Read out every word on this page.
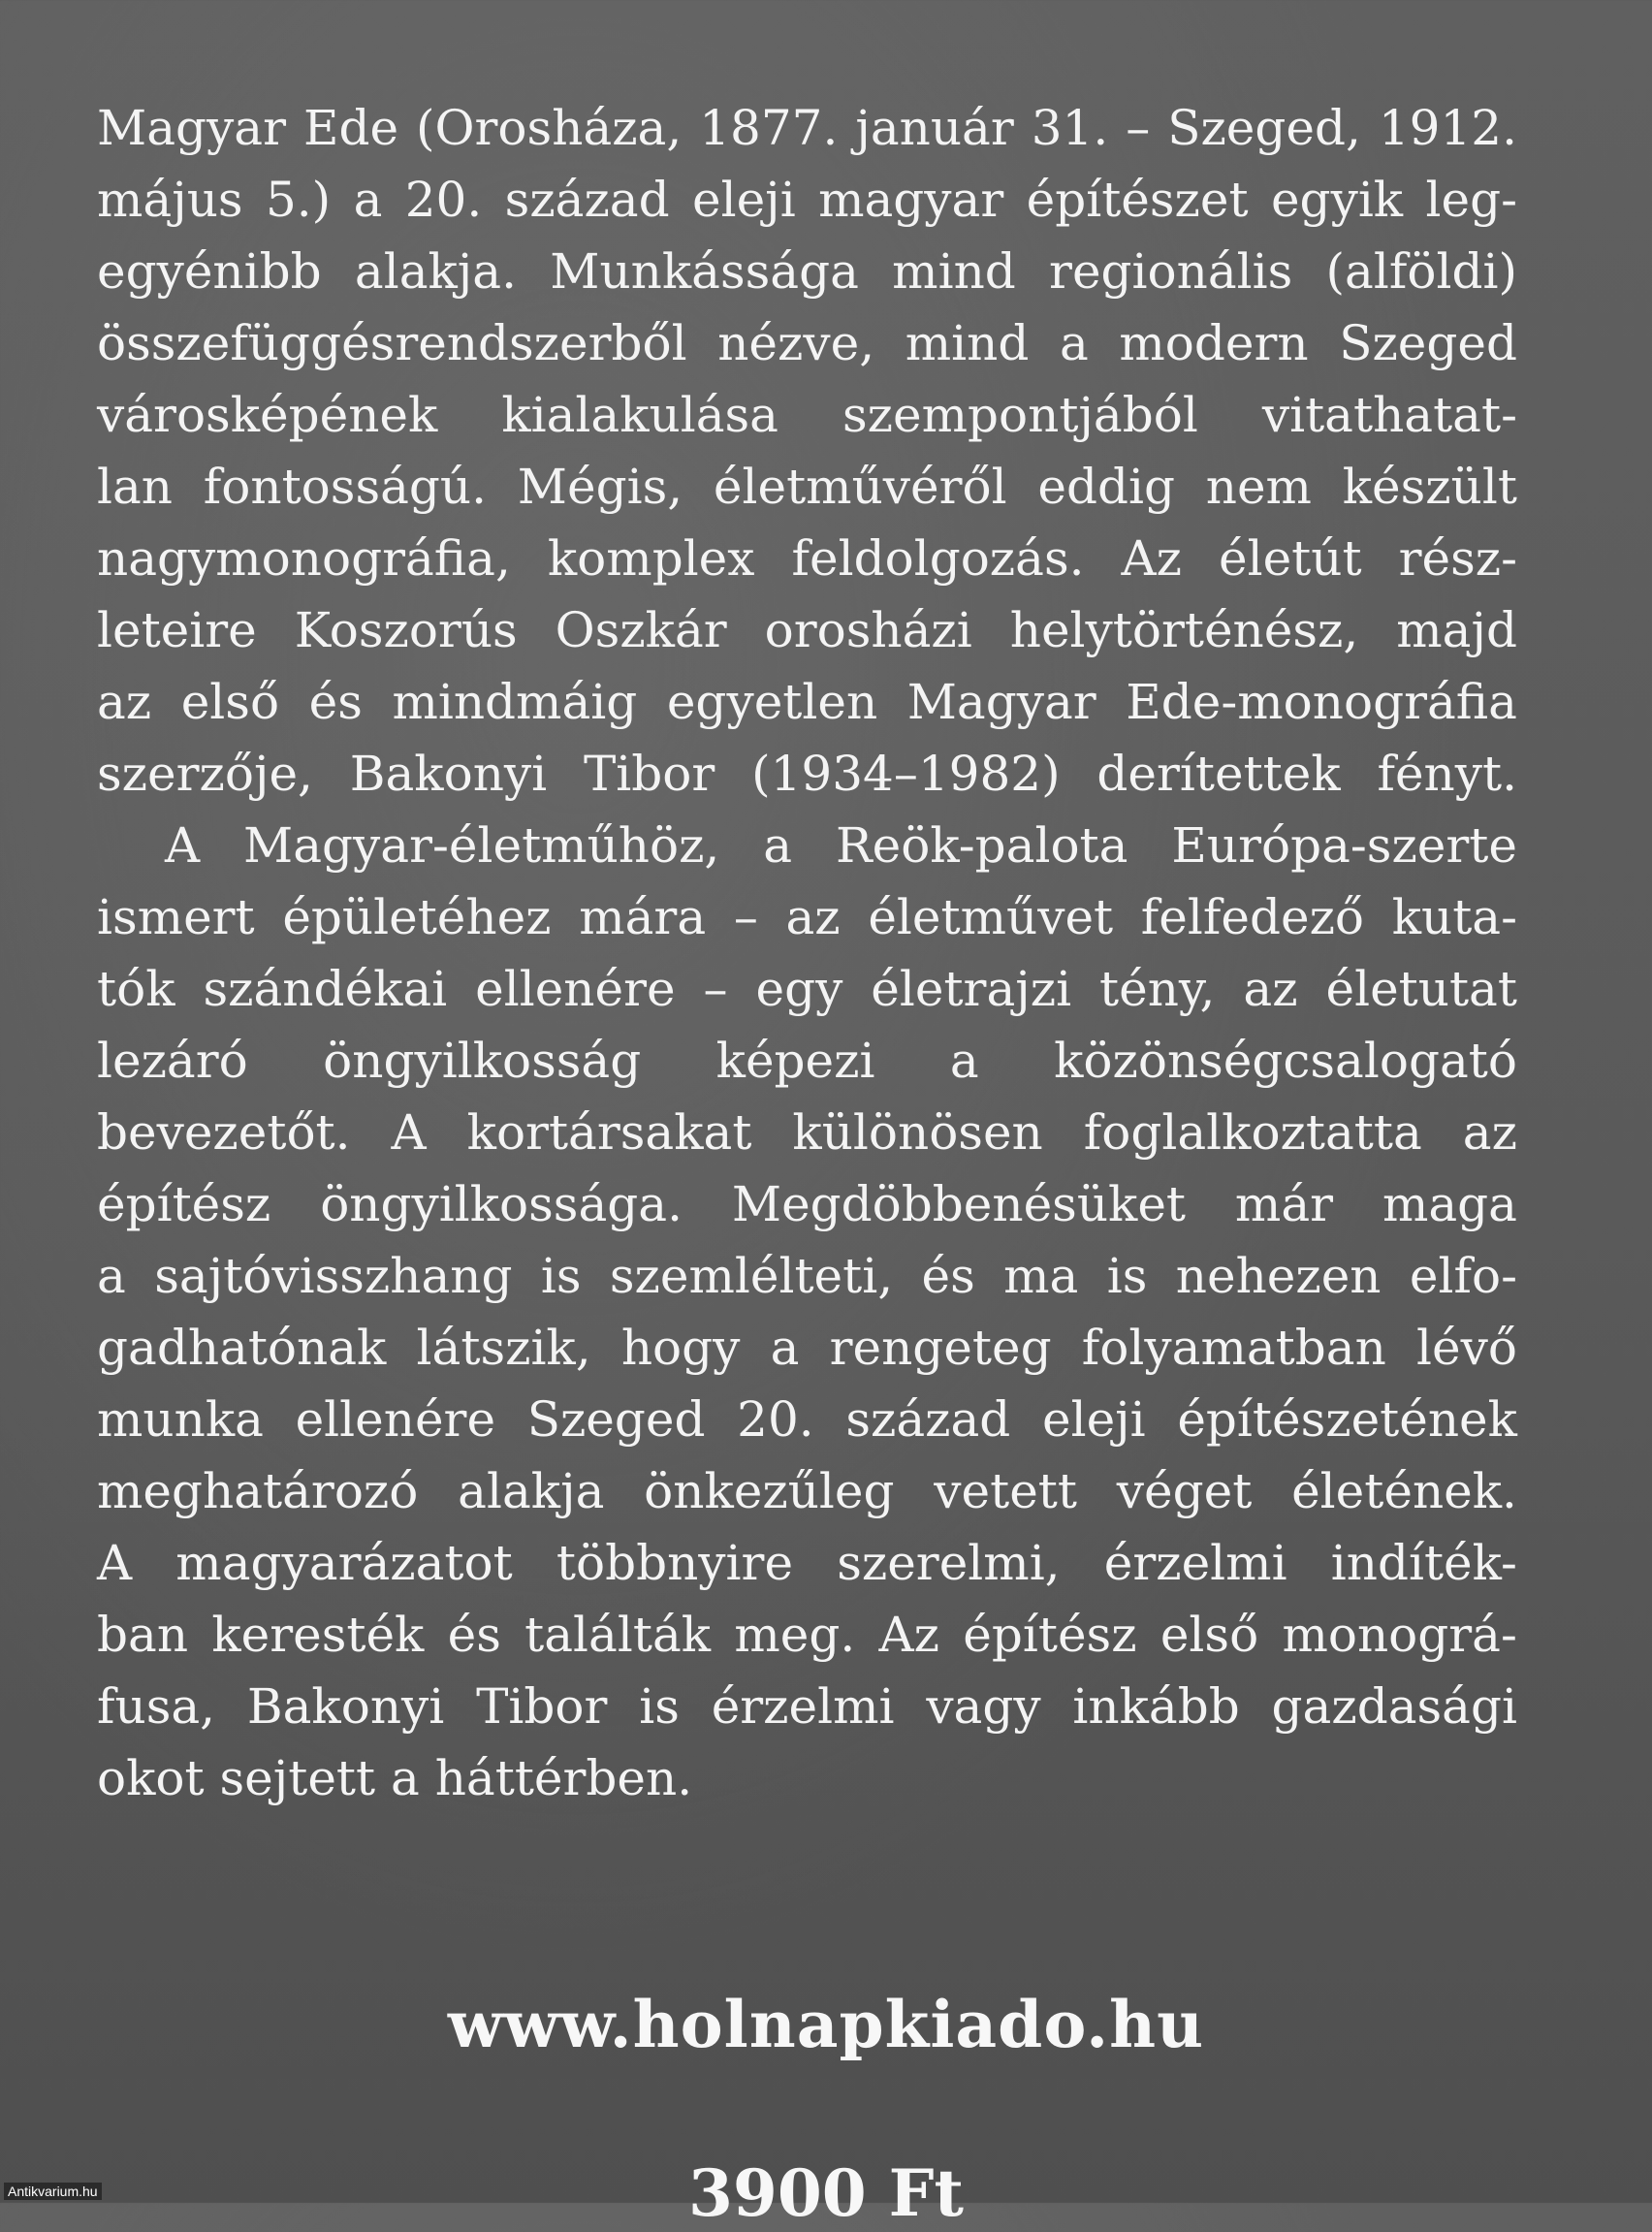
Magyar Ede (Orosháza, 1877. január 31. – Szeged, 1912.
május 5.) a 20. század eleji magyar építészet egyik leg-
egyénibb alakja. Munkássága mind regionális (alföldi)
összefüggésrendszerből nézve, mind a modern Szeged
városképének kialakulása szempontjából vitathatat-
lan fontosságú. Mégis, életművéről eddig nem készült
nagymonográfia, komplex feldolgozás. Az életút rész-
leteire Koszorús Oszkár orosházi helytörténész, majd
az első és mindmáig egyetlen Magyar Ede-monográfia
szerzője, Bakonyi Tibor (1934–1982) derítettek fényt.
A Magyar-életműhöz, a Reök-palota Európa-szerte
ismert épületéhez mára – az életművet felfedező kuta-
tók szándékai ellenére – egy életrajzi tény, az életutat
lezáró öngyilkosság képezi a közönségcsalogató
bevezetőt. A kortársakat különösen foglalkoztatta az
építész öngyilkossága. Megdöbbenésüket már maga
a sajtóvisszhang is szemlélteti, és ma is nehezen elfo-
gadhatónak látszik, hogy a rengeteg folyamatban lévő
munka ellenére Szeged 20. század eleji építészetének
meghatározó alakja önkezűleg vetett véget életének.
A magyarázatot többnyire szerelmi, érzelmi indíték-
ban keresték és találták meg. Az építész első monográ-
fusa, Bakonyi Tibor is érzelmi vagy inkább gazdasági
okot sejtett a háttérben.

www.holnapkiado.hu

3900 Ft

Antikvarium.hu
